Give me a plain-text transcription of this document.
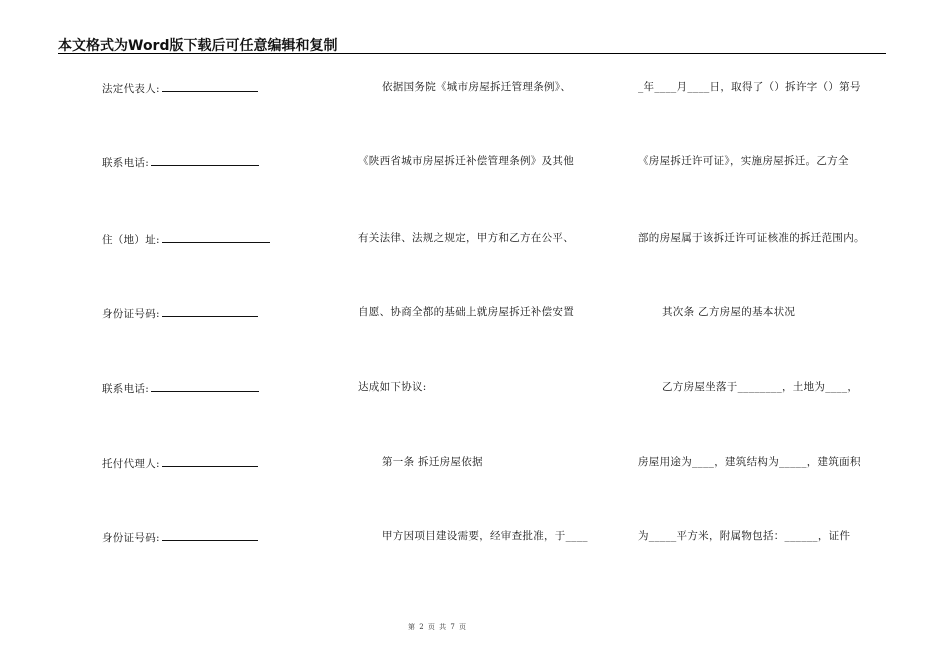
本文格式为Word版下载后可任意编辑和复制
法定代表人:
联系电话:
住（地）址:
身份证号码:
联系电话:
托付代理人:
身份证号码:
依据国务院《城市房屋拆迁管理条例》、
《陕西省城市房屋拆迁补偿管理条例》及其他
有关法律、法规之规定，甲方和乙方在公平、
自愿、协商全都的基础上就房屋拆迁补偿安置
达成如下协议:
第一条 拆迁房屋依据
甲方因项目建设需要，经审查批准，于____
_年____月____日，取得了（）拆许字（）第号
《房屋拆迁许可证》，实施房屋拆迁。乙方全
部的房屋属于该拆迁许可证核准的拆迁范围内。
其次条 乙方房屋的基本状况
乙方房屋坐落于________，土地为____，
房屋用途为____，建筑结构为_____，建筑面积
为_____平方米，附属物包括：______，证件
第 2 页 共 7 页
